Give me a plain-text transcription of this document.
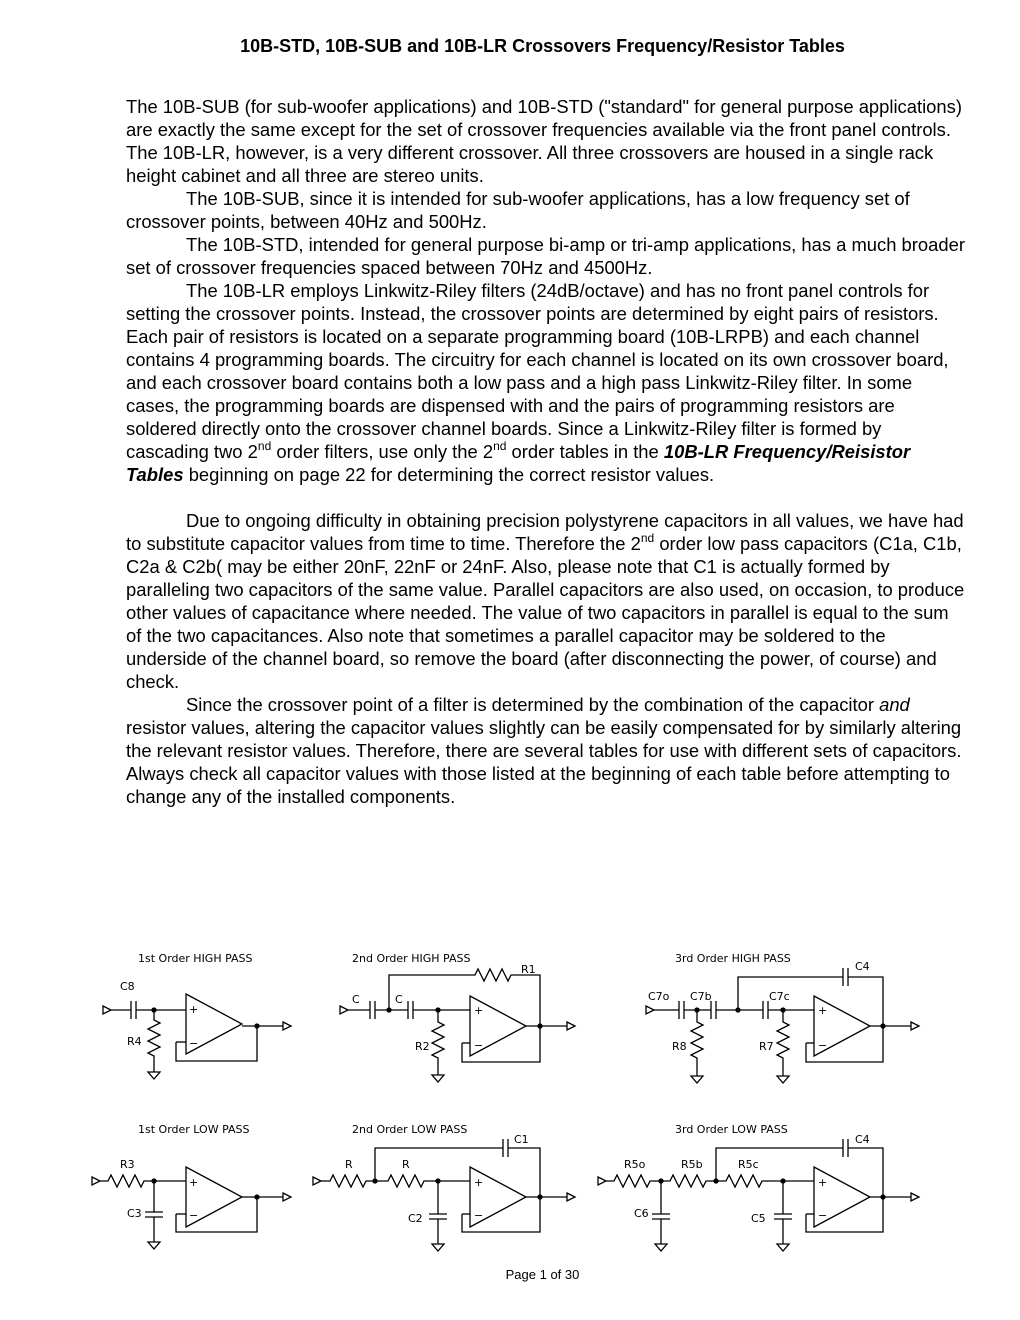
10B-STD, 10B-SUB and 10B-LR Crossovers Frequency/Resistor Tables

The 10B-SUB (for sub-woofer applications) and 10B-STD ("standard" for general purpose applications) are exactly the same except for the set of crossover frequencies available via the front panel controls. The 10B-LR, however, is a very different crossover. All three crossovers are housed in a single rack height cabinet and all three are stereo units.

The 10B-SUB, since it is intended for sub-woofer applications, has a low frequency set of crossover points, between 40Hz and 500Hz.

The 10B-STD, intended for general purpose bi-amp or tri-amp applications, has a much broader set of crossover frequencies spaced between 70Hz and 4500Hz.

The 10B-LR employs Linkwitz-Riley filters (24dB/octave) and has no front panel controls for setting the crossover points. Instead, the crossover points are determined by eight pairs of resistors. Each pair of resistors is located on a separate programming board (10B-LRPB) and each channel contains 4 programming boards. The circuitry for each channel is located on its own crossover board, and each crossover board contains both a low pass and a high pass Linkwitz-Riley filter. In some cases, the programming boards are dispensed with and the pairs of programming resistors are soldered directly onto the crossover channel boards. Since a Linkwitz-Riley filter is formed by cascading two 2nd order filters, use only the 2nd order tables in the 10B-LR Frequency/Reisistor Tables beginning on page 22 for determining the correct resistor values.

Due to ongoing difficulty in obtaining precision polystyrene capacitors in all values, we have had to substitute capacitor values from time to time. Therefore the 2nd order low pass capacitors (C1a, C1b, C2a & C2b( may be either 20nF, 22nF or 24nF. Also, please note that C1 is actually formed by paralleling two capacitors of the same value. Parallel capacitors are also used, on occasion, to produce other values of capacitance where needed. The value of two capacitors in parallel is equal to the sum of the two capacitances. Also note that sometimes a parallel capacitor may be soldered to the underside of the channel board, so remove the board (after disconnecting the power, of course) and check.

Since the crossover point of a filter is determined by the combination of the capacitor and resistor values, altering the capacitor values slightly can be easily compensated for by similarly altering the relevant resistor values. Therefore, there are several tables for use with different sets of capacitors. Always check all capacitor values with those listed at the beginning of each table before attempting to change any of the installed components.

1st Order HIGH PASS
C8
R4
+
−
2nd Order HIGH PASS
C	C
R1
R2
+
−
3rd Order HIGH PASS
C7o C7b
R8
C7c
C4
R7
+
−
1st Order LOW PASS
R3
C3
+
−
2nd Order LOW PASS
R	R
C1
C2
+
−
3rd Order LOW PASS
R5o	R5b	R5c
C4
C6	C5
+
−
Page 1 of 30
